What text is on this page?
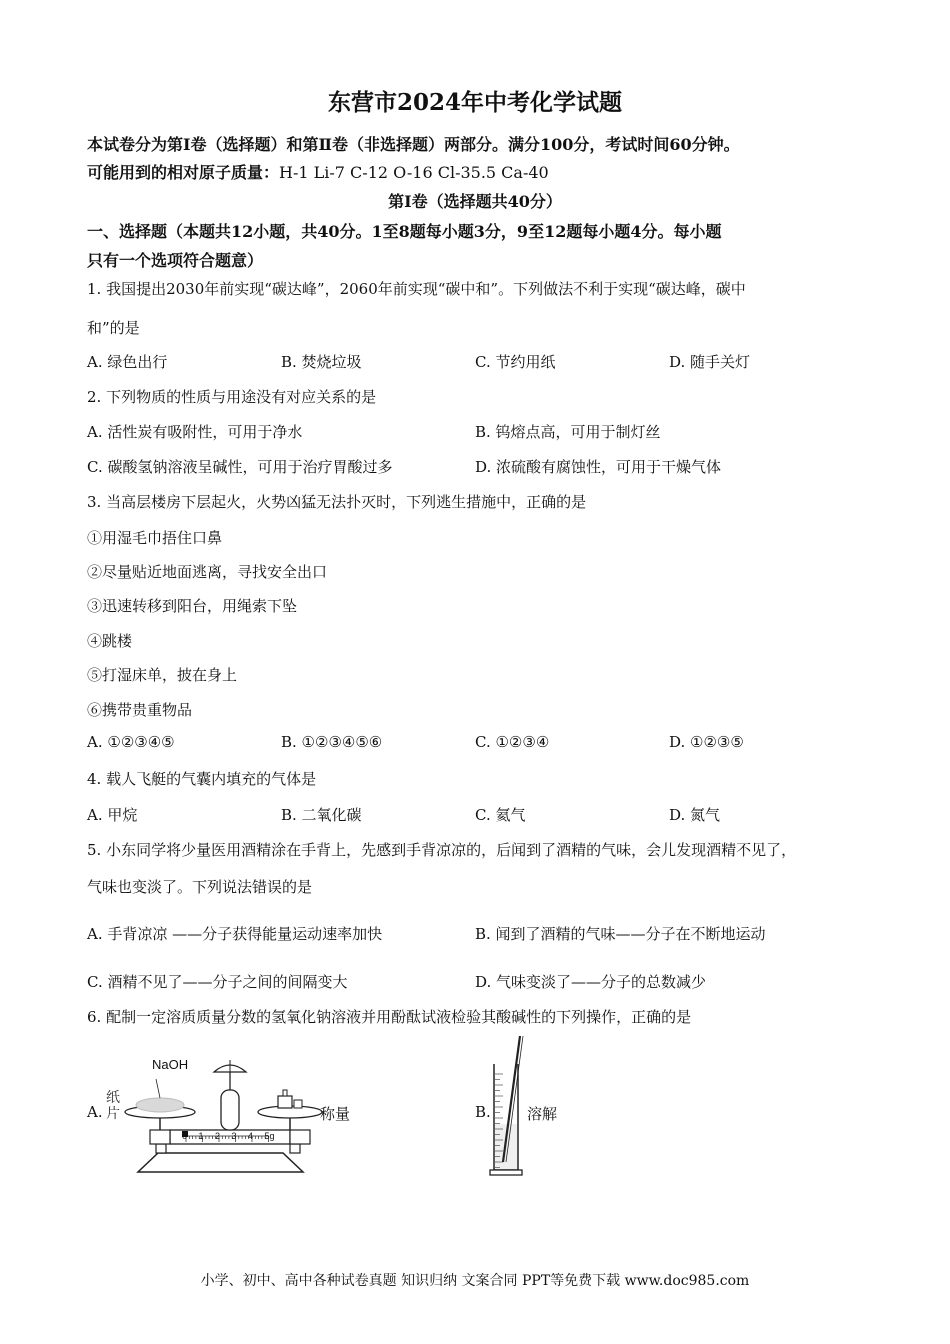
东营市2024年中考化学试题
本试卷分为第Ⅰ卷（选择题）和第Ⅱ卷（非选择题）两部分。满分100分，考试时间60分钟。
可能用到的相对原子质量：H-1 Li-7 C-12 O-16 Cl-35.5 Ca-40
第Ⅰ卷（选择题共40分）
一、选择题（本题共12小题，共40分。1至8题每小题3分，9至12题每小题4分。每小题
只有一个选项符合题意）
1. 我国提出2030年前实现“碳达峰”，2060年前实现“碳中和”。下列做法不利于实现“碳达峰，碳中
和”的是
A. 绿色出行	B. 焚烧垃圾	C. 节约用纸	D. 随手关灯
2. 下列物质的性质与用途没有对应关系的是
A. 活性炭有吸附性，可用于净水	B. 钨熔点高，可用于制灯丝
C. 碳酸氢钠溶液呈碱性，可用于治疗胃酸过多	D. 浓硫酸有腐蚀性，可用于干燥气体
3. 当高层楼房下层起火，火势凶猛无法扑灭时，下列逃生措施中，正确的是
①用湿毛巾捂住口鼻
②尽量贴近地面逃离，寻找安全出口
③迅速转移到阳台，用绳索下坠
④跳楼
⑤打湿床单，披在身上
⑥携带贵重物品
A. ①②③④⑤	B. ①②③④⑤⑥	C. ①②③④	D. ①②③⑤
4. 载人飞艇的气囊内填充的气体是
A. 甲烷	B. 二氧化碳	C. 氦气	D. 氮气
5. 小东同学将少量医用酒精涂在手背上，先感到手背凉凉的，后闻到了酒精的气味，会儿发现酒精不见了，
气味也变淡了。下列说法错误的是
A. 手背凉凉 ——分子获得能量运动速率加快	B. 闻到了酒精的气味——分子在不断地运动
C. 酒精不见了——分子之间的间隔变大	D. 气味变淡了——分子的总数减少
6. 配制一定溶质质量分数的氢氧化钠溶液并用酚酞试液检验其酸碱性的下列操作，正确的是
A.
纸
片
NaOH
0 1 2 3 4 5g
称量	B. 溶解
小学、初中、高中各种试卷真题 知识归纳 文案合同 PPT等免费下载 www.doc985.com
